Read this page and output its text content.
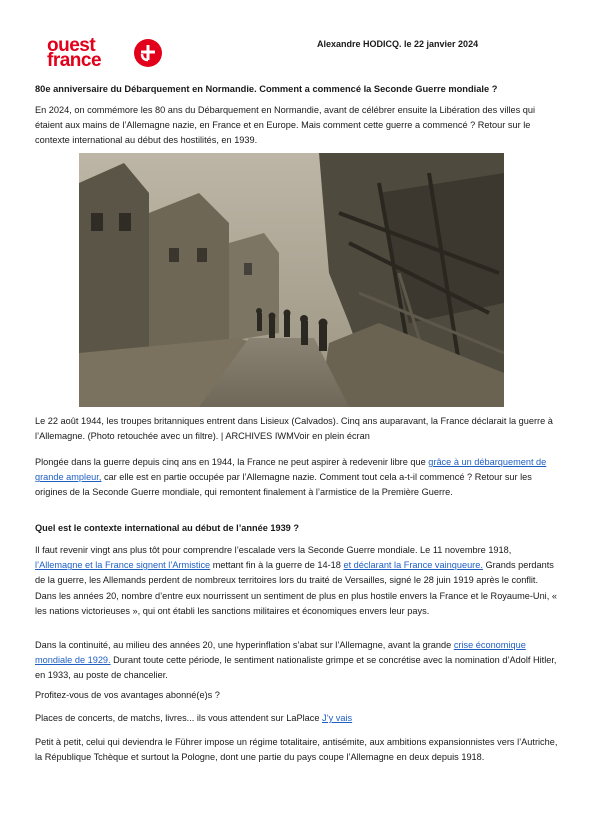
ouest
france
Alexandre HODICQ. le 22 janvier 2024
80e anniversaire du Débarquement en Normandie. Comment a commencé la Seconde Guerre mondiale ?

En 2024, on commémore les 80 ans du Débarquement en Normandie, avant de célébrer ensuite la Libération des villes qui étaient aux mains de l’Allemagne nazie, en France et en Europe. Mais comment cette guerre a commencé ? Retour sur le contexte international au début des hostilités, en 1939.

Le 22 août 1944, les troupes britanniques entrent dans Lisieux (Calvados). Cinq ans auparavant, la France déclarait la guerre à l’Allemagne. (Photo retouchée avec un filtre). | ARCHIVES IWMVoir en plein écran

Plongée dans la guerre depuis cinq ans en 1944, la France ne peut aspirer à redevenir libre que grâce à un débarquement de grande ampleur, car elle est en partie occupée par l’Allemagne nazie. Comment tout cela a-t-il commencé ? Retour sur les origines de la Seconde Guerre mondiale, qui remontent finalement à l’armistice de la Première Guerre.

Quel est le contexte international au début de l’année 1939 ?

Il faut revenir vingt ans plus tôt pour comprendre l’escalade vers la Seconde Guerre mondiale. Le 11 novembre 1918, l’Allemagne et la France signent l’Armistice mettant fin à la guerre de 14-18 et déclarant la France vainqueure. Grands perdants de la guerre, les Allemands perdent de nombreux territoires lors du traité de Versailles, signé le 28 juin 1919 après le conflit. Dans les années 20, nombre d’entre eux nourrissent un sentiment de plus en plus hostile envers la France et le Royaume-Uni, « les nations victorieuses », qui ont établi les sanctions militaires et économiques envers leur pays.

Dans la continuité, au milieu des années 20, une hyperinflation s’abat sur l’Allemagne, avant la grande crise économique mondiale de 1929. Durant toute cette période, le sentiment nationaliste grimpe et se concrétise avec la nomination d’Adolf Hitler, en 1933, au poste de chancelier.

Profitez-vous de vos avantages abonné(e)s ?

Places de concerts, de matchs, livres... ils vous attendent sur LaPlace J’y vais

Petit à petit, celui qui deviendra le Führer impose un régime totalitaire, antisémite, aux ambitions expansionnistes vers l’Autriche, la République Tchèque et surtout la Pologne, dont une partie du pays coupe l’Allemagne en deux depuis 1918.
